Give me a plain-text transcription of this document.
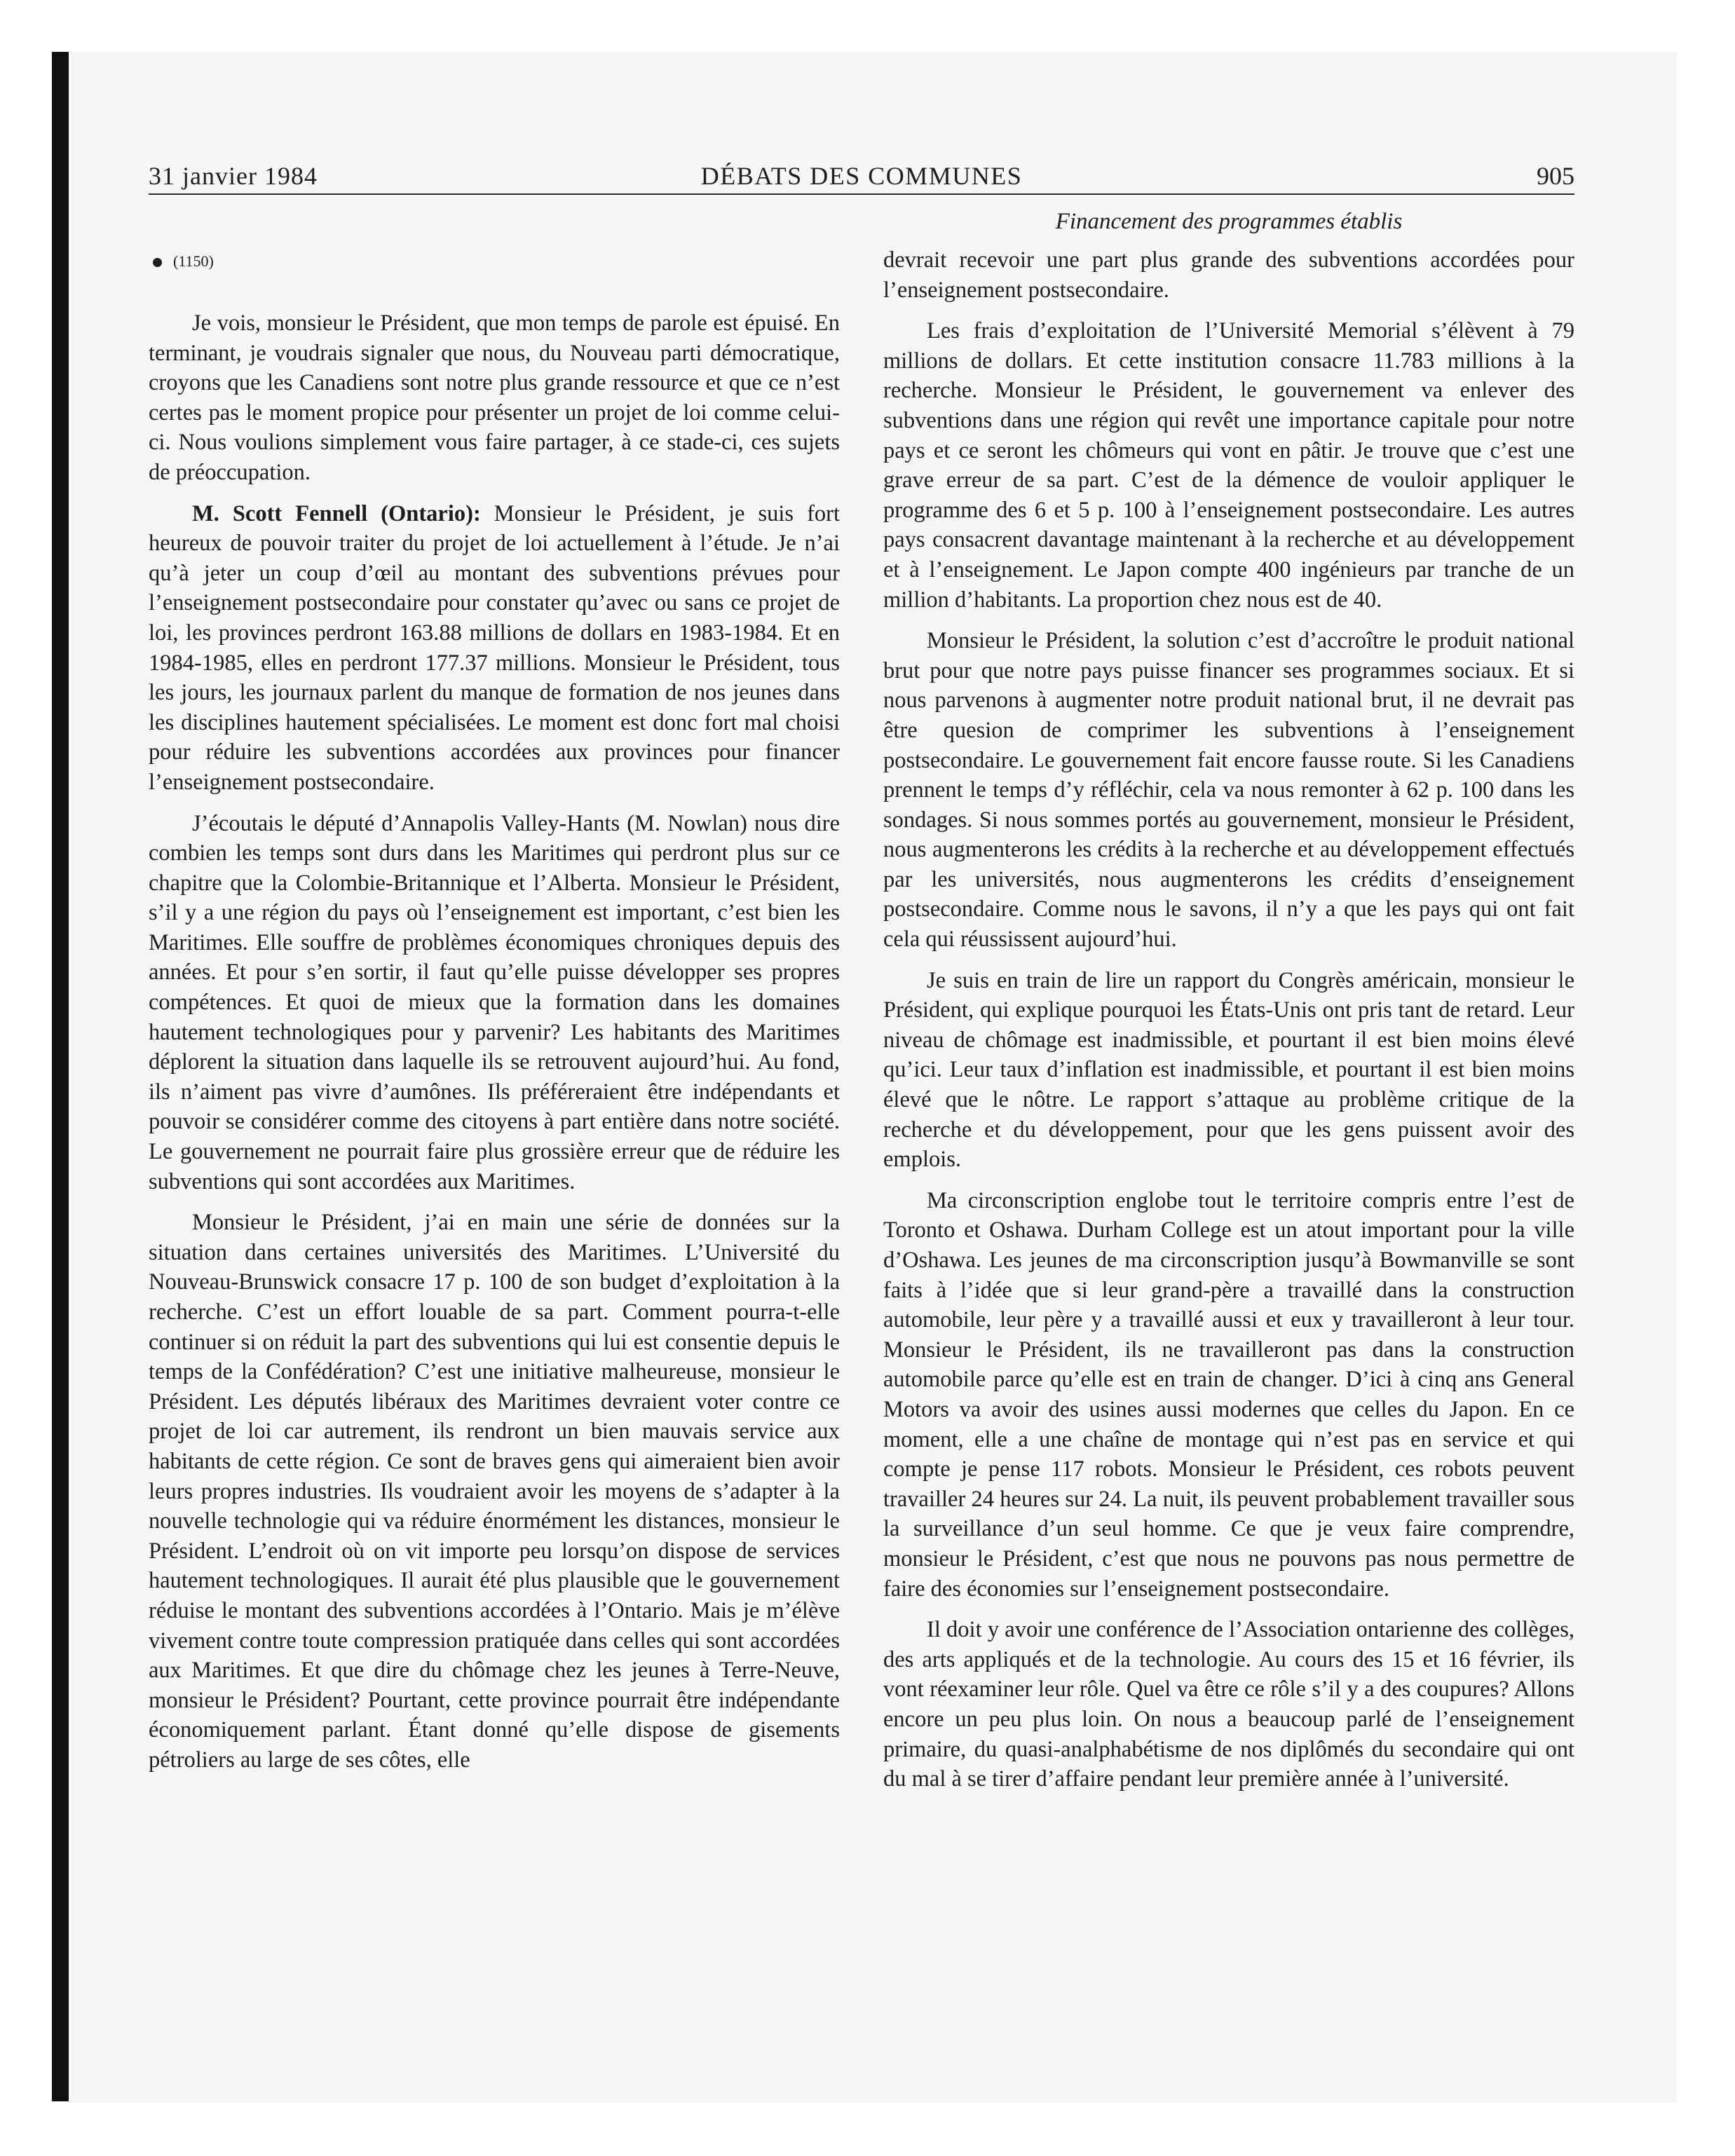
31 janvier 1984	DÉBATS DES COMMUNES	905
Financement des programmes établis
(1150)

Je vois, monsieur le Président, que mon temps de parole est épuisé. En terminant, je voudrais signaler que nous, du Nouveau parti démocratique, croyons que les Canadiens sont notre plus grande ressource et que ce n’est certes pas le moment propice pour présenter un projet de loi comme celui-ci. Nous voulions simplement vous faire partager, à ce stade-ci, ces sujets de préoccupation.

M. Scott Fennell (Ontario): Monsieur le Président, je suis fort heureux de pouvoir traiter du projet de loi actuellement à l’étude. Je n’ai qu’à jeter un coup d’œil au montant des subventions prévues pour l’enseignement postsecondaire pour constater qu’avec ou sans ce projet de loi, les provinces perdront 163.88 millions de dollars en 1983-1984. Et en 1984-1985, elles en perdront 177.37 millions. Monsieur le Président, tous les jours, les journaux parlent du manque de formation de nos jeunes dans les disciplines hautement spécialisées. Le moment est donc fort mal choisi pour réduire les subventions accordées aux provinces pour financer l’enseignement postsecondaire.

J’écoutais le député d’Annapolis Valley-Hants (M. Nowlan) nous dire combien les temps sont durs dans les Maritimes qui perdront plus sur ce chapitre que la Colombie-Britannique et l’Alberta. Monsieur le Président, s’il y a une région du pays où l’enseignement est important, c’est bien les Maritimes. Elle souffre de problèmes économiques chroniques depuis des années. Et pour s’en sortir, il faut qu’elle puisse développer ses propres compétences. Et quoi de mieux que la formation dans les domaines hautement technologiques pour y parvenir? Les habitants des Maritimes déplorent la situation dans laquelle ils se retrouvent aujourd’hui. Au fond, ils n’aiment pas vivre d’aumônes. Ils préféreraient être indépendants et pouvoir se considérer comme des citoyens à part entière dans notre société. Le gouvernement ne pourrait faire plus grossière erreur que de réduire les subventions qui sont accordées aux Maritimes.

Monsieur le Président, j’ai en main une série de données sur la situation dans certaines universités des Maritimes. L’Université du Nouveau-Brunswick consacre 17 p. 100 de son budget d’exploitation à la recherche. C’est un effort louable de sa part. Comment pourra-t-elle continuer si on réduit la part des subventions qui lui est consentie depuis le temps de la Confédération? C’est une initiative malheureuse, monsieur le Président. Les députés libéraux des Maritimes devraient voter contre ce projet de loi car autrement, ils rendront un bien mauvais service aux habitants de cette région. Ce sont de braves gens qui aimeraient bien avoir leurs propres industries. Ils voudraient avoir les moyens de s’adapter à la nouvelle technologie qui va réduire énormément les distances, monsieur le Président. L’endroit où on vit importe peu lorsqu’on dispose de services hautement technologiques. Il aurait été plus plausible que le gouvernement réduise le montant des subventions accordées à l’Ontario. Mais je m’élève vivement contre toute compression pratiquée dans celles qui sont accordées aux Maritimes. Et que dire du chômage chez les jeunes à Terre-Neuve, monsieur le Président? Pourtant, cette province pourrait être indépendante économiquement parlant. Étant donné qu’elle dispose de gisements pétroliers au large de ses côtes, elle

devrait recevoir une part plus grande des subventions accordées pour l’enseignement postsecondaire.

Les frais d’exploitation de l’Université Memorial s’élèvent à 79 millions de dollars. Et cette institution consacre 11.783 millions à la recherche. Monsieur le Président, le gouvernement va enlever des subventions dans une région qui revêt une importance capitale pour notre pays et ce seront les chômeurs qui vont en pâtir. Je trouve que c’est une grave erreur de sa part. C’est de la démence de vouloir appliquer le programme des 6 et 5 p. 100 à l’enseignement postsecondaire. Les autres pays consacrent davantage maintenant à la recherche et au développement et à l’enseignement. Le Japon compte 400 ingénieurs par tranche de un million d’habitants. La proportion chez nous est de 40.

Monsieur le Président, la solution c’est d’accroître le produit national brut pour que notre pays puisse financer ses programmes sociaux. Et si nous parvenons à augmenter notre produit national brut, il ne devrait pas être quesion de comprimer les subventions à l’enseignement postsecondaire. Le gouvernement fait encore fausse route. Si les Canadiens prennent le temps d’y réfléchir, cela va nous remonter à 62 p. 100 dans les sondages. Si nous sommes portés au gouvernement, monsieur le Président, nous augmenterons les crédits à la recherche et au développement effectués par les universités, nous augmenterons les crédits d’enseignement postsecondaire. Comme nous le savons, il n’y a que les pays qui ont fait cela qui réussissent aujourd’hui.

Je suis en train de lire un rapport du Congrès américain, monsieur le Président, qui explique pourquoi les États-Unis ont pris tant de retard. Leur niveau de chômage est inadmissible, et pourtant il est bien moins élevé qu’ici. Leur taux d’inflation est inadmissible, et pourtant il est bien moins élevé que le nôtre. Le rapport s’attaque au problème critique de la recherche et du développement, pour que les gens puissent avoir des emplois.

Ma circonscription englobe tout le territoire compris entre l’est de Toronto et Oshawa. Durham College est un atout important pour la ville d’Oshawa. Les jeunes de ma circonscription jusqu’à Bowmanville se sont faits à l’idée que si leur grand-père a travaillé dans la construction automobile, leur père y a travaillé aussi et eux y travailleront à leur tour. Monsieur le Président, ils ne travailleront pas dans la construction automobile parce qu’elle est en train de changer. D’ici à cinq ans General Motors va avoir des usines aussi modernes que celles du Japon. En ce moment, elle a une chaîne de montage qui n’est pas en service et qui compte je pense 117 robots. Monsieur le Président, ces robots peuvent travailler 24 heures sur 24. La nuit, ils peuvent probablement travailler sous la surveillance d’un seul homme. Ce que je veux faire comprendre, monsieur le Président, c’est que nous ne pouvons pas nous permettre de faire des économies sur l’enseignement postsecondaire.

Il doit y avoir une conférence de l’Association ontarienne des collèges, des arts appliqués et de la technologie. Au cours des 15 et 16 février, ils vont réexaminer leur rôle. Quel va être ce rôle s’il y a des coupures? Allons encore un peu plus loin. On nous a beaucoup parlé de l’enseignement primaire, du quasi-analphabétisme de nos diplômés du secondaire qui ont du mal à se tirer d’affaire pendant leur première année à l’université.
